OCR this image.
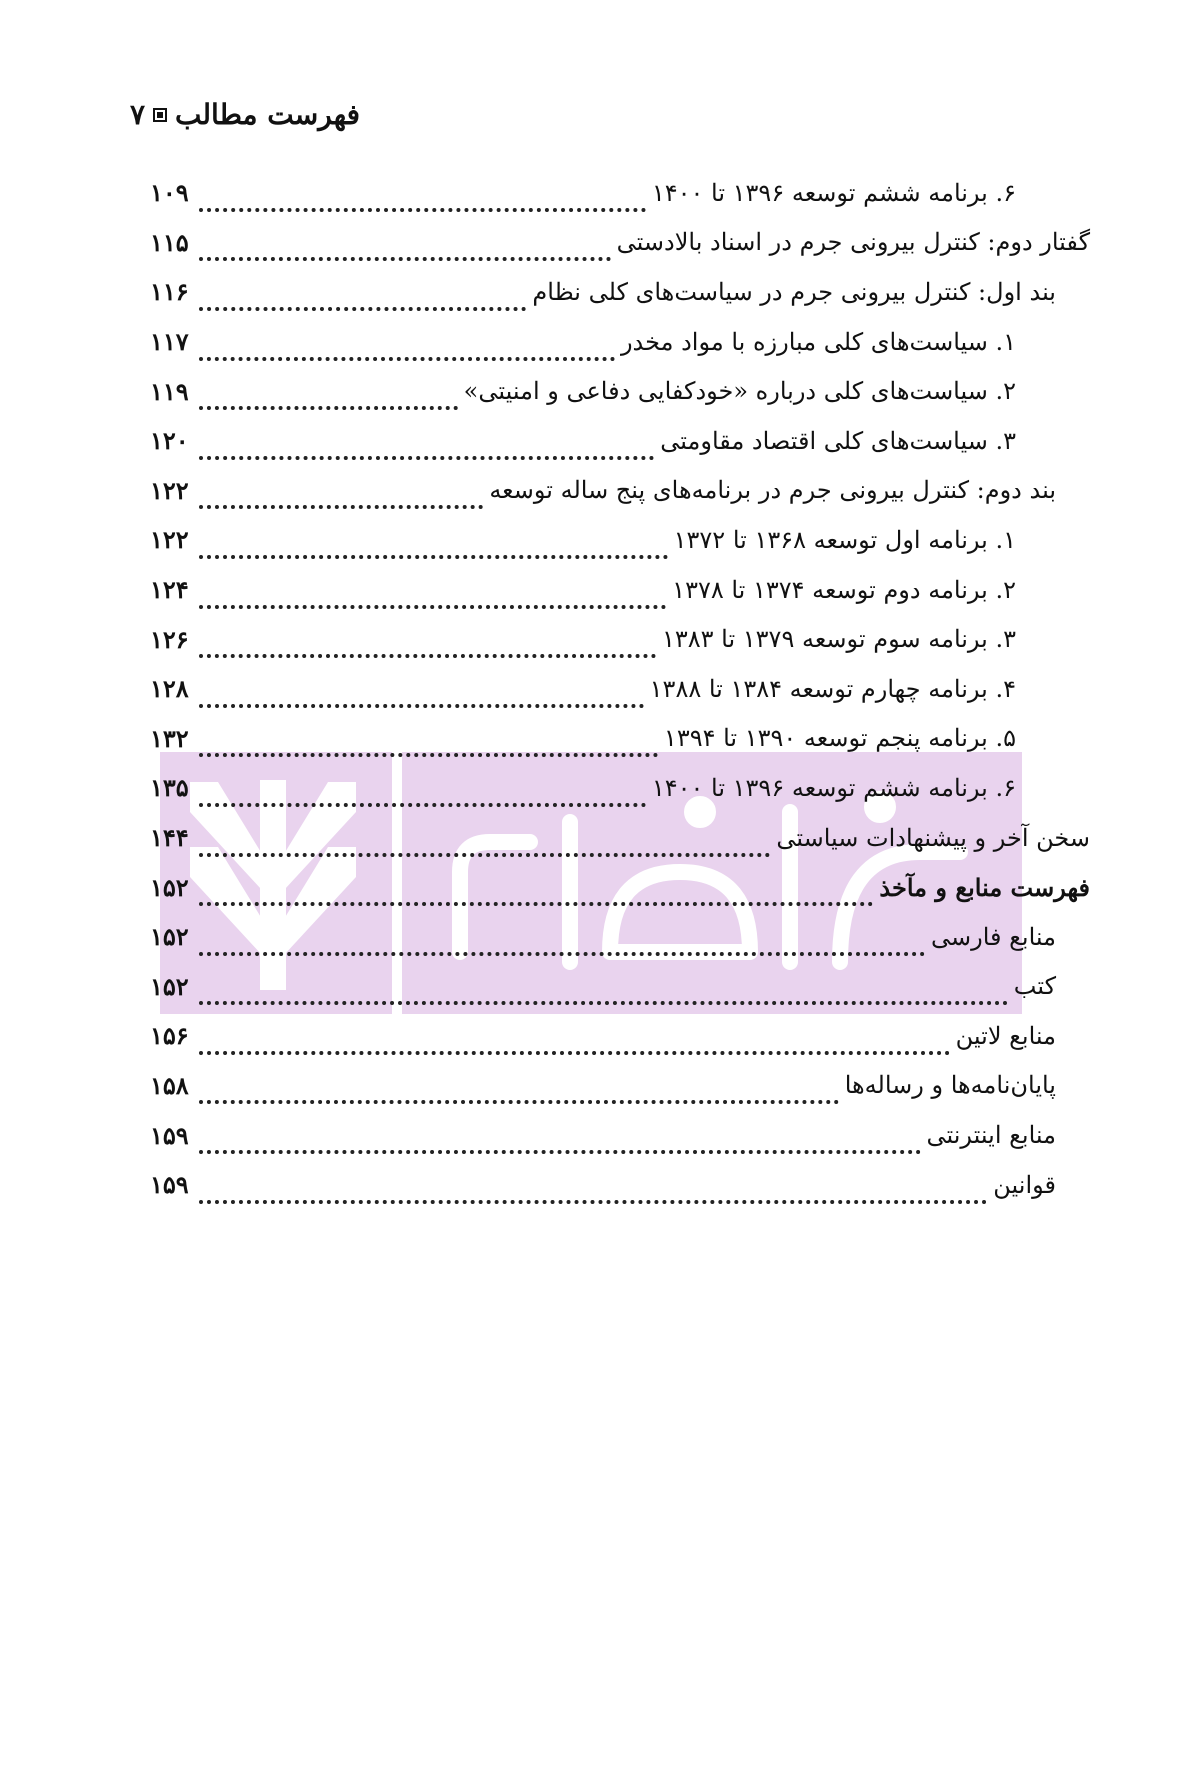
فهرست مطالب
۷
۶. برنامه ششم توسعه ۱۳۹۶ تا ۱۴۰۰
۱۰۹
گفتار دوم: کنترل بیرونی جرم در اسناد بالادستی
۱۱۵
بند اول: کنترل بیرونی جرم در سیاست‌های کلی نظام
۱۱۶
۱. سیاست‌های کلی مبارزه با مواد مخدر
۱۱۷
۲. سیاست‌های کلی درباره «خودکفایی دفاعی و امنیتی»
۱۱۹
۳. سیاست‌های کلی اقتصاد مقاومتی
۱۲۰
بند دوم: کنترل بیرونی جرم در برنامه‌های پنج ساله توسعه
۱۲۲
۱. برنامه اول توسعه ۱۳۶۸ تا ۱۳۷۲
۱۲۲
۲. برنامه دوم توسعه ۱۳۷۴ تا ۱۳۷۸
۱۲۴
۳. برنامه سوم توسعه ۱۳۷۹ تا ۱۳۸۳
۱۲۶
۴. برنامه چهارم توسعه ۱۳۸۴ تا ۱۳۸۸
۱۲۸
۵. برنامه پنجم توسعه ۱۳۹۰ تا ۱۳۹۴
۱۳۲
۶. برنامه ششم توسعه ۱۳۹۶ تا ۱۴۰۰
۱۳۵
سخن آخر و پیشنهادات سیاستی
۱۴۴
فهرست منابع و مآخذ
۱۵۲
منابع فارسی
۱۵۲
کتب
۱۵۲
منابع لاتین
۱۵۶
پایان‌نامه‌ها و رساله‌ها
۱۵۸
منابع اینترنتی
۱۵۹
قوانین
۱۵۹
